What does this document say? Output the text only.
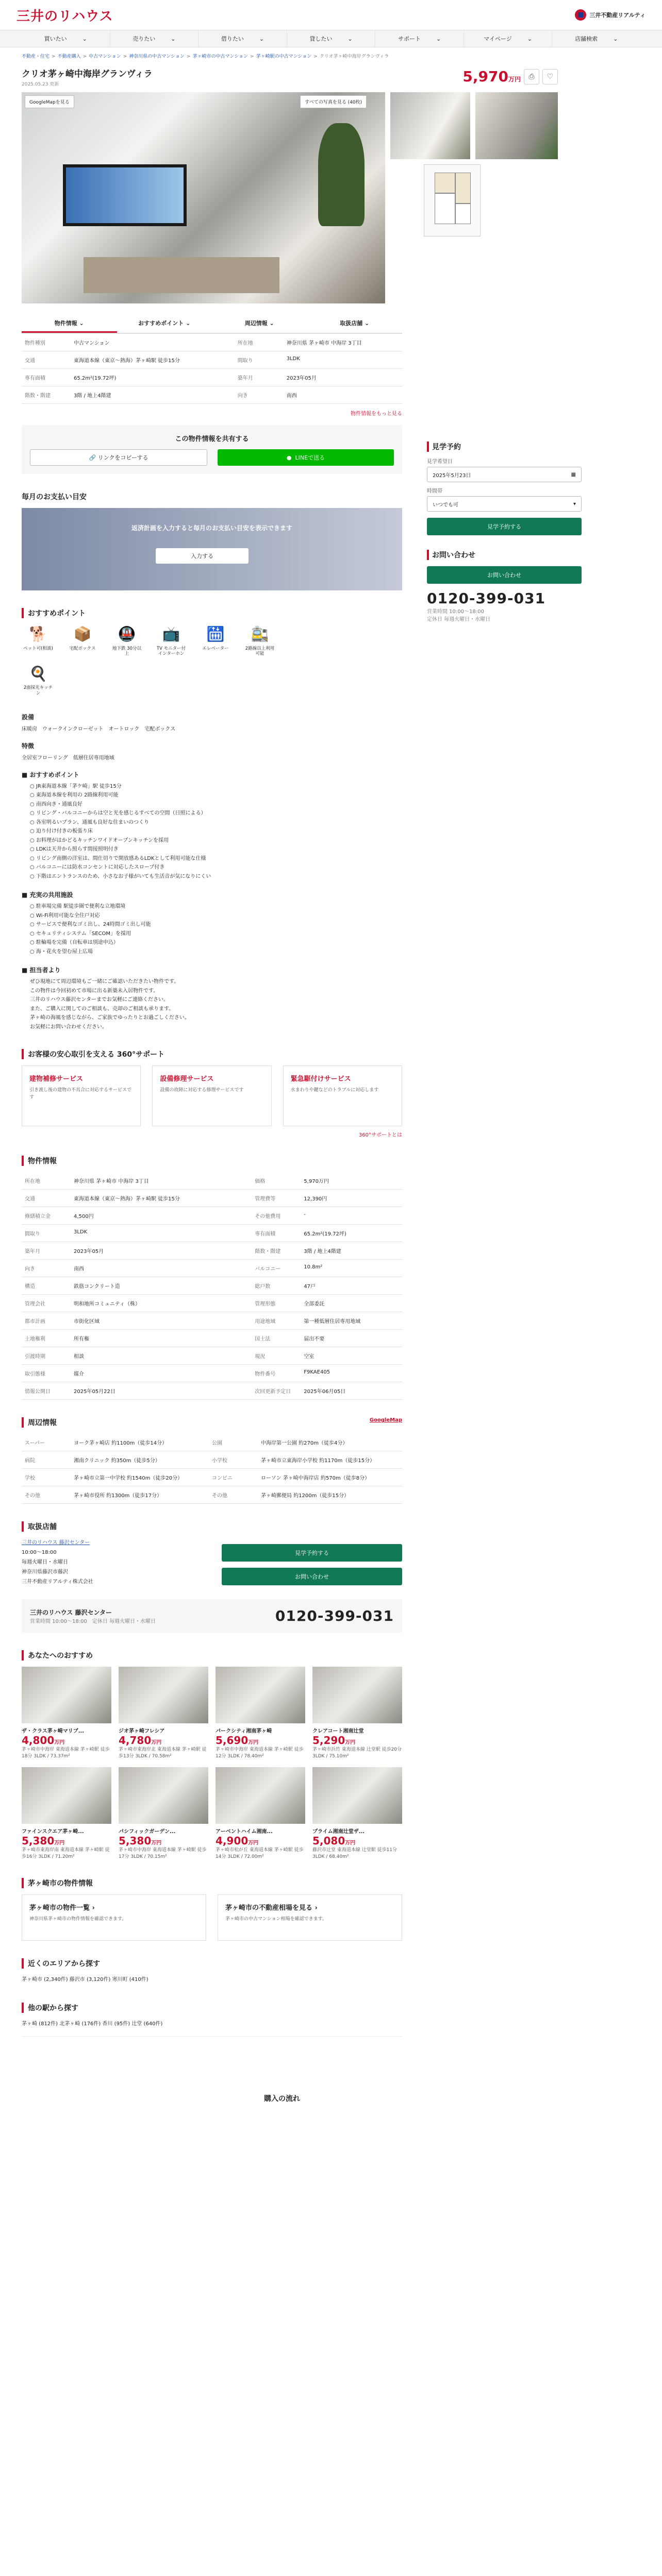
三井のリハウス	三井不動産リアルティ
買いたい	⌄	売りたい	⌄	借りたい	⌄	貸したい	⌄	サポート	⌄	マイページ	⌄	店舗検索	⌄
不動産・住宅 > 不動産購入 > 中古マンション > 神奈川県の中古マンション > 茅ヶ崎市の中古マンション > 茅ヶ崎駅の中古マンション > クリオ茅ヶ崎中海岸グランヴィラ
クリオ茅ヶ崎中海岸グランヴィラ
2025.05.23 更新	5,970万円	⎙	♡
GoogleMapを見る	すべての写真を見る (40枚)
物件情報 ⌄	おすすめポイント ⌄	周辺情報 ⌄	取扱店舗 ⌄
物件種別	中古マンション	所在地	神奈川県 茅ヶ崎市 中海岸 3丁目
交通	東海道本線（東京〜熱海）茅ヶ崎駅 徒歩15分	間取り	3LDK
専有面積	65.2m²(19.72坪)	築年月	2023年05月
階数・階建	3階 / 地上4階建	向き	南西
物件情報をもっと見る
この物件情報を共有する
🔗 リンクをコピーする	● LINEで送る
毎月のお支払い目安
返済計画を入力すると毎月のお支払い目安を表示できます
入力する
おすすめポイント
🐕
ペット可(相談)
📦
宅配ボックス
🚇
地下鉄 30分以上
📺
TV モニター付インターホン
🛗
エレベーター
🚉
2路線以上利用可能
🍳
2面採光キッチン
設備
床暖房 ウォークインクローゼット オートロック 宅配ボックス
特徴
全居室フローリング 低層住居専用地域
■ おすすめポイント
○ JR東海道本線「茅ケ崎」駅 徒歩15分
○ 東海道本線を利用の 2路線利用可能
○ 南西向き・通風良好
○ リビング・バルコニーからは空と光を感じるすべての空間（日照による）
○ 各室明るいプラン、通風も良好な住まいのつくり
○ 迫り付け付きの板張り床
○ お料理がはかどるキッチンワイドオープンキッチンを採用
○ LDKは天井から照らす間接照明付き
○ リビング南側の洋室は、間仕切りで開放感あるLDKとして利用可能な仕様
○ バルコニーには防水コンセントに対応したスロープ付き
○ 下階はエントランスのため、小さなお子様がいても生活音が気になりにくい
■ 充実の共用施設
○ 駐車場完備 駅徒歩圏で便利な立地環境
○ Wi-Fi利用可能な全住戸対応
○ サービスで便利なゴミ出し、24時間ゴミ出し可能
○ セキュリティシステム「SECOM」を採用
○ 駐輪場を完備（自転車は別途申込）
○ 海・花火を望む屋上広場
■ 担当者より
ぜひ現地にて周辺環境もご一緒にご確認いただきたい物件です。
この物件は今回初めて市場に出る新築未入居物件です。
三井のリハウス藤沢センターまでお気軽にご連絡ください。
また、ご購入に関してのご相談も、売却のご相談も承ります。
茅ヶ崎の海風を感じながら、ご家族でゆったりとお過ごしください。
お気軽にお問い合わせください。
お客様の安心取引を支える 360°サポート
建物補修サービス

引き渡し後の建物の不具合に対応するサービスです

設備修理サービス

設備の故障に対応する修理サービスです

緊急駆付けサービス

水まわりや鍵などのトラブルに対応します

360°サポートとは
物件情報
所在地	神奈川県 茅ヶ崎市 中海岸 3丁目	価格	5,970万円
交通	東海道本線（東京〜熱海）茅ヶ崎駅 徒歩15分	管理費等	12,390円
修繕積立金	4,500円	その他費用	-
間取り	3LDK	専有面積	65.2m²(19.72坪)
築年月	2023年05月	階数・階建	3階 / 地上4階建
向き	南西	バルコニー	10.8m²
構造	鉄筋コンクリート造	総戸数	47戸
管理会社	明和地所コミュニティ（株）	管理形態	全部委託
都市計画	市街化区域	用途地域	第一種低層住居専用地域
土地権利	所有権	国土法	届出不要
引渡時期	相談	現況	空室
取引態様	媒介	物件番号	F9KAE405
情報公開日	2025年05月22日	次回更新予定日	2025年06月05日
周辺情報	GoogleMap
スーパー	ヨーク茅ヶ崎店 約1100m（徒歩14分）	公園	中海岸第一公園 約270m（徒歩4分）
病院	湘南クリニック 約350m（徒歩5分）	小学校	茅ヶ崎市立東海岸小学校 約1170m（徒歩15分）
学校	茅ヶ崎市立第一中学校 約1540m（徒歩20分）	コンビニ	ローソン 茅ヶ崎中海岸店 約570m（徒歩8分）
その他	茅ヶ崎市役所 約1300m（徒歩17分）	その他	茅ヶ崎郵便局 約1200m（徒歩15分）
取扱店舗
三井のリハウス 藤沢センター
10:00〜18:00
毎週火曜日・水曜日
神奈川県藤沢市藤沢
三井不動産リアルティ株式会社
見学予約する
お問い合わせ
三井のリハウス 藤沢センター
営業時間 10:00〜18:00　 定休日 毎週火曜日・水曜日	0120-399-031
あなたへのおすすめ
ザ・クラス茅ヶ崎マリブ...
4,800万円
茅ヶ崎市中海岸 東海道本線 茅ヶ崎駅 徒歩18分 3LDK / 73.37m²
ジオ茅ヶ崎フレシア
4,780万円
茅ヶ崎市東海岸北 東海道本線 茅ヶ崎駅 徒歩13分 3LDK / 70.58m²
パークシティ湘南茅ヶ崎
5,690万円
茅ヶ崎市中海岸 東海道本線 茅ヶ崎駅 徒歩12分 3LDK / 78.40m²
クレアコート湘南辻堂
5,290万円
茅ヶ崎市浜竹 東海道本線 辻堂駅 徒歩20分 3LDK / 75.10m²
ファインスクエア茅ヶ崎...
5,380万円
茅ヶ崎市東海岸南 東海道本線 茅ヶ崎駅 徒歩16分 3LDK / 71.20m²
パシフィックガーデン...
5,380万円
茅ヶ崎市中海岸 東海道本線 茅ヶ崎駅 徒歩17分 3LDK / 70.15m²
アーベントハイム湘南...
4,900万円
茅ヶ崎市松が丘 東海道本線 茅ヶ崎駅 徒歩14分 3LDK / 72.00m²
プライム湘南辻堂ザ...
5,080万円
藤沢市辻堂 東海道本線 辻堂駅 徒歩11分 3LDK / 68.40m²
茅ヶ崎市の物件情報
茅ヶ崎市の物件一覧 ›

神奈川県茅ヶ崎市の物件情報を確認できます。

茅ヶ崎市の不動産相場を見る ›

茅ヶ崎市の中古マンション相場を確認できます。

近くのエリアから探す
茅ヶ崎市 (2,340件) 藤沢市 (3,120件) 寒川町 (410件)
他の駅から探す
茅ヶ崎 (812件) 北茅ヶ崎 (176件) 香川 (95件) 辻堂 (640件)
購入の流れ
見学予約
見学希望日
2025年5月23日	▦
時間帯
いつでも可	▾
見学予約する
お問い合わせ
お問い合わせ
0120-399-031
営業時間 10:00〜18:00
定休日 毎週火曜日・水曜日
